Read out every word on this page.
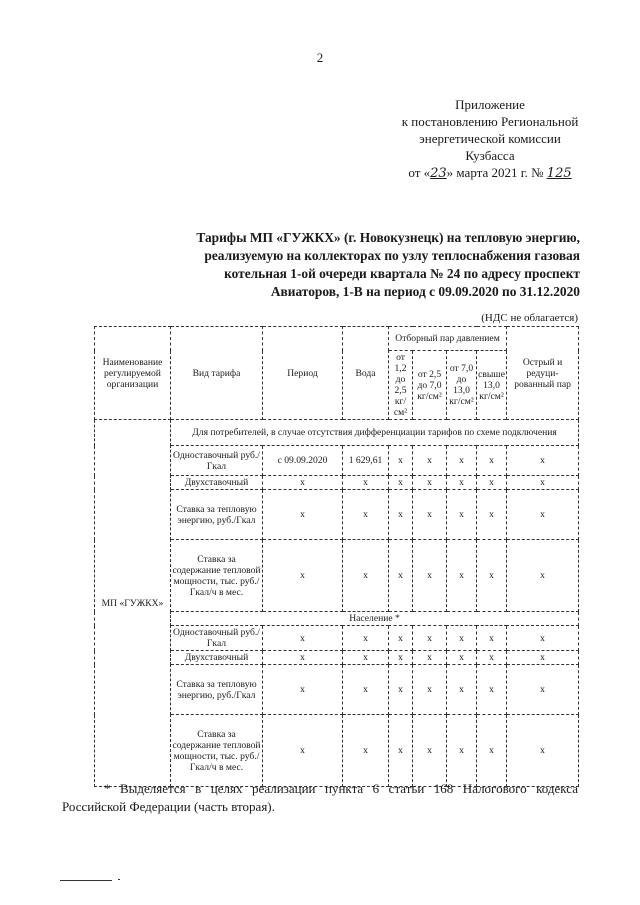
2
Приложение
к постановлению Региональной
энергетической комиссии
Кузбасса
от «23» марта 2021 г. № 125
Тарифы МП «ГУЖКХ» (г. Новокузнецк) на тепловую энергию,
реализуемую на коллекторах по узлу теплоснабжения газовая
котельная 1-ой очереди квартала № 24 по адресу проспект
Авиаторов, 1-В на период с 09.09.2020 по 31.12.2020
(НДС не облагается)
Наименование регулируемой организации	Вид тарифа	Период	Вода	Отборный пар давлением				Острый и редуци-рованный пар
				от 1,2 до 2,5 кг/см²	от 2,5 до 7,0 кг/см²	от 7,0 до 13,0 кг/см²	свыше 13,0 кг/см²	
МП «ГУЖКХ»	Для потребителей, в случае отсутствия дифференциации тарифов по схеме подключения							
	Одноставочный руб./Гкал	с 09.09.2020	1 629,61	x	x	x	x	x
	Двухставочный	x	x	x	x	x	x	x
	Ставка за тепловую энергию, руб./Гкал	x	x	x	x	x	x	x
	Ставка за содержание тепловой мощности, тыс. руб./Гкал/ч в мес.	x	x	x	x	x	x	x
	Население *							
	Одноставочный руб./Гкал	x	x	x	x	x	x	x
	Двухставочный	x	x	x	x	x	x	x
	Ставка за тепловую энергию, руб./Гкал	x	x	x	x	x	x	x
	Ставка за содержание тепловой мощности, тыс. руб./Гкал/ч в мес.	x	x	x	x	x	x	x
* Выделяется в целях реализации пункта 6 статьи 168 Налогового кодекса Российской Федерации (часть вторая).
